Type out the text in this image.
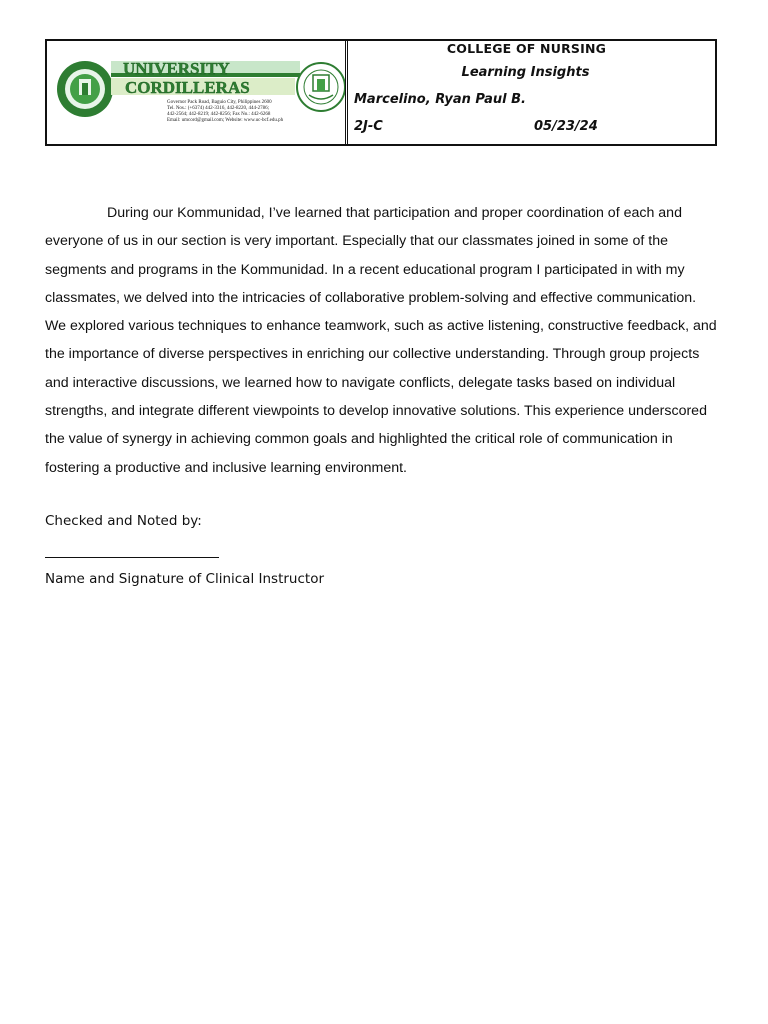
UNIVERSITY
CORDILLERAS
Governor Pack Road, Baguio City, Philippines 2600
Tel. Nos.: (+6374) 442-3316, 442-8220, 444-2786;
442-2564; 442-8219; 442-8256; Fax No.: 442-6268
Email: umcord@gmail.com; Website: www.uc-bcf.edu.ph
COLLEGE OF NURSING
Learning Insights
Marcelino, Ryan Paul B.
2J-C	05/23/24

During our Kommunidad, I’ve learned that participation and proper coordination of each and everyone of us in our section is very important. Especially that our classmates joined in some of the segments and programs in the Kommunidad. In a recent educational program I participated in with my classmates, we delved into the intricacies of collaborative problem-solving and effective communication. We explored various techniques to enhance teamwork, such as active listening, constructive feedback, and the importance of diverse perspectives in enriching our collective understanding. Through group projects and interactive discussions, we learned how to navigate conflicts, delegate tasks based on individual strengths, and integrate different viewpoints to develop innovative solutions. This experience underscored the value of synergy in achieving common goals and highlighted the critical role of communication in fostering a productive and inclusive learning environment.

Checked and Noted by:
Name and Signature of Clinical Instructor
